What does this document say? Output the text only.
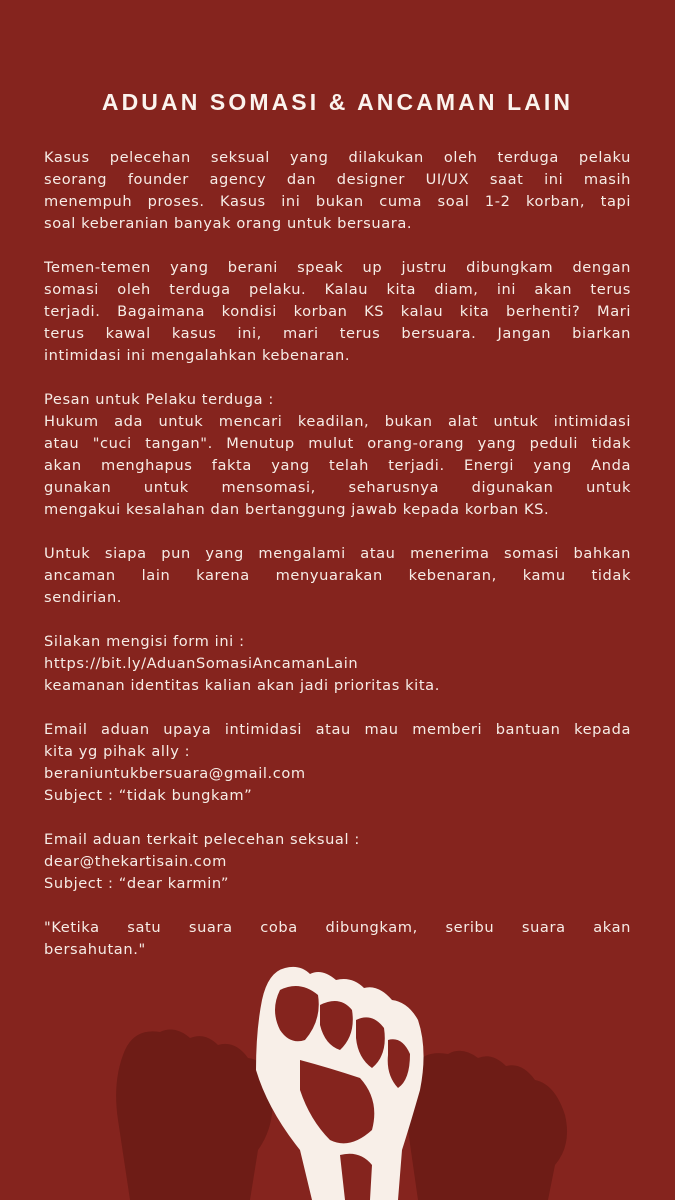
ADUAN SOMASI & ANCAMAN LAIN
Kasus pelecehan seksual yang dilakukan oleh terduga pelaku
seorang founder agency dan designer UI/UX saat ini masih
menempuh proses. Kasus ini bukan cuma soal 1-2 korban, tapi
soal keberanian banyak orang untuk bersuara.
Temen-temen yang berani speak up justru dibungkam dengan
somasi oleh terduga pelaku. Kalau kita diam, ini akan terus
terjadi. Bagaimana kondisi korban KS kalau kita berhenti? Mari
terus kawal kasus ini, mari terus bersuara. Jangan biarkan
intimidasi ini mengalahkan kebenaran.
Pesan untuk Pelaku terduga :
Hukum ada untuk mencari keadilan, bukan alat untuk intimidasi
atau "cuci tangan". Menutup mulut orang-orang yang peduli tidak
akan menghapus fakta yang telah terjadi. Energi yang Anda
gunakan untuk mensomasi, seharusnya digunakan untuk
mengakui kesalahan dan bertanggung jawab kepada korban KS.
Untuk siapa pun yang mengalami atau menerima somasi bahkan
ancaman lain karena menyuarakan kebenaran, kamu tidak
sendirian.
Silakan mengisi form ini :
https://bit.ly/AduanSomasiAncamanLain
keamanan identitas kalian akan jadi prioritas kita.
Email aduan upaya intimidasi atau mau memberi bantuan kepada
kita yg pihak ally :
beraniuntukbersuara@gmail.com
Subject : “tidak bungkam”
Email aduan terkait pelecehan seksual :
dear@thekartisain.com
Subject : “dear karmin”
"Ketika satu suara coba dibungkam, seribu suara akan
bersahutan."
